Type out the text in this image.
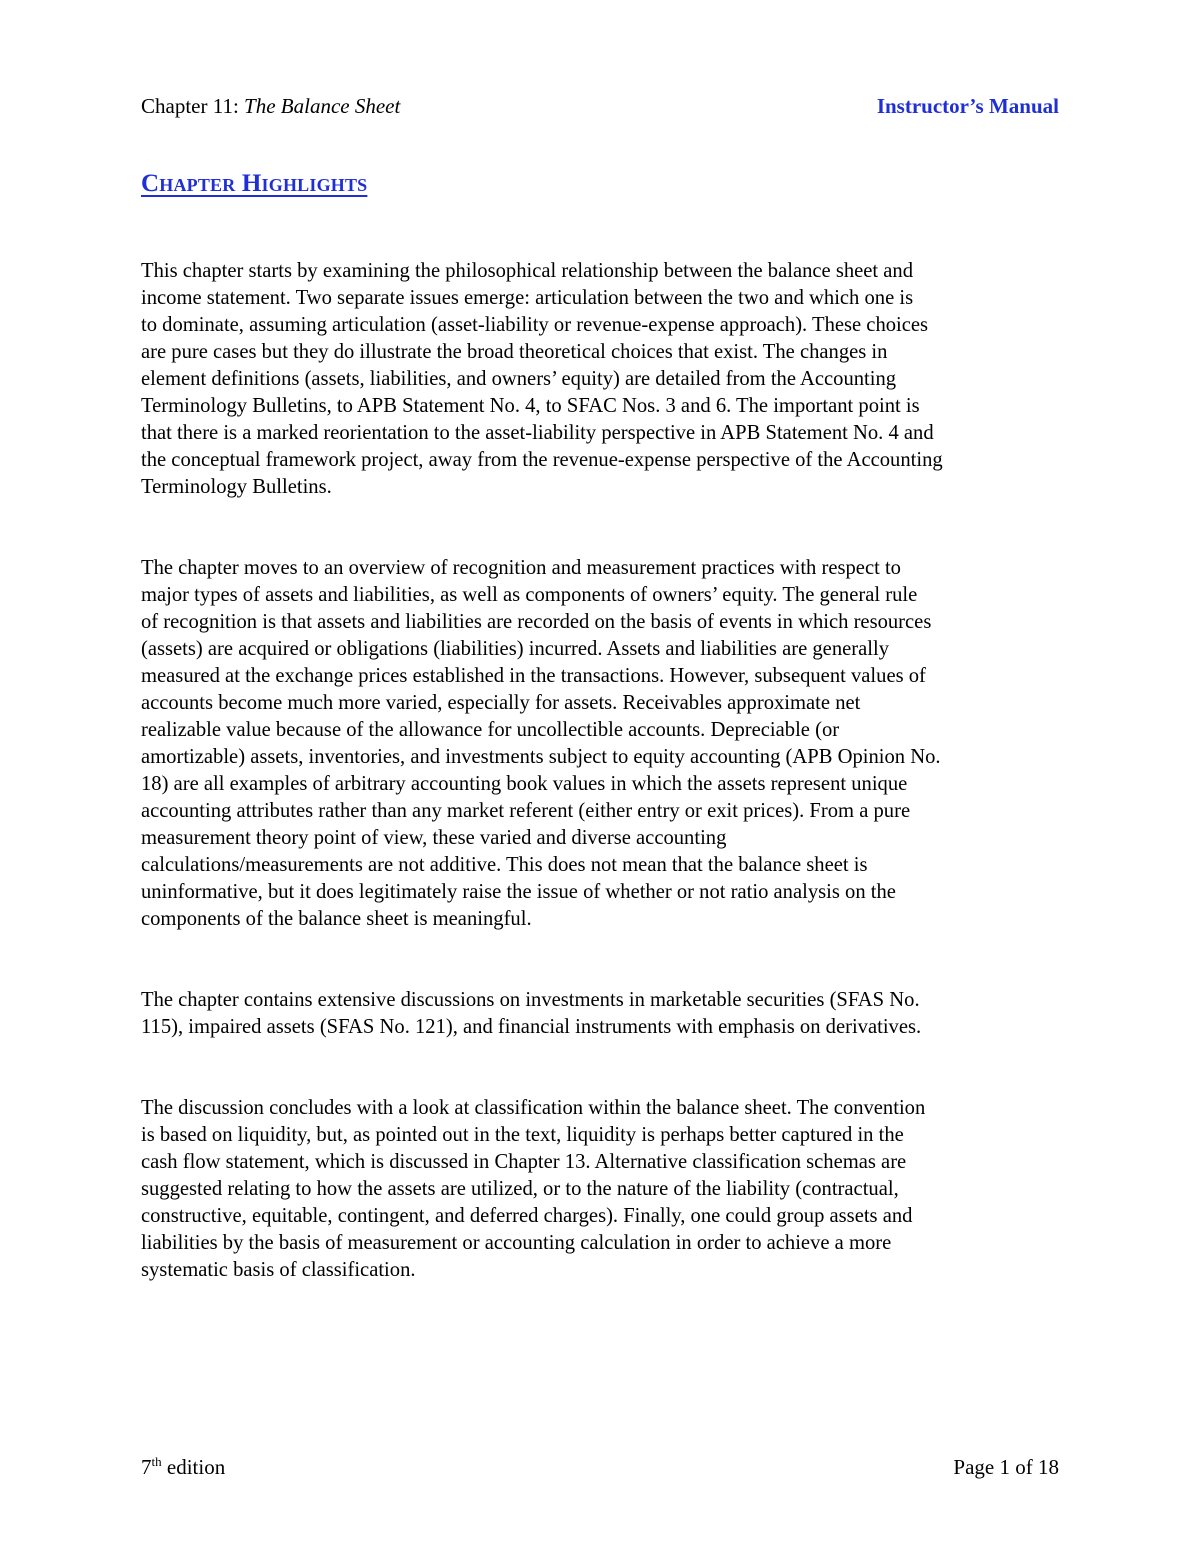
Chapter 11: The Balance Sheet	Instructor’s Manual
Chapter Highlights

This chapter starts by examining the philosophical relationship between the balance sheet and
income statement. Two separate issues emerge: articulation between the two and which one is
to dominate, assuming articulation (asset-liability or revenue-expense approach). These choices
are pure cases but they do illustrate the broad theoretical choices that exist. The changes in
element definitions (assets, liabilities, and owners’ equity) are detailed from the Accounting
Terminology Bulletins, to APB Statement No. 4, to SFAC Nos. 3 and 6. The important point is
that there is a marked reorientation to the asset-liability perspective in APB Statement No. 4 and
the conceptual framework project, away from the revenue-expense perspective of the Accounting
Terminology Bulletins.

The chapter moves to an overview of recognition and measurement practices with respect to
major types of assets and liabilities, as well as components of owners’ equity. The general rule
of recognition is that assets and liabilities are recorded on the basis of events in which resources
(assets) are acquired or obligations (liabilities) incurred. Assets and liabilities are generally
measured at the exchange prices established in the transactions. However, subsequent values of
accounts become much more varied, especially for assets. Receivables approximate net
realizable value because of the allowance for uncollectible accounts. Depreciable (or
amortizable) assets, inventories, and investments subject to equity accounting (APB Opinion No.
18) are all examples of arbitrary accounting book values in which the assets represent unique
accounting attributes rather than any market referent (either entry or exit prices). From a pure
measurement theory point of view, these varied and diverse accounting
calculations/measurements are not additive. This does not mean that the balance sheet is
uninformative, but it does legitimately raise the issue of whether or not ratio analysis on the
components of the balance sheet is meaningful.

The chapter contains extensive discussions on investments in marketable securities (SFAS No.
115), impaired assets (SFAS No. 121), and financial instruments with emphasis on derivatives.

The discussion concludes with a look at classification within the balance sheet. The convention
is based on liquidity, but, as pointed out in the text, liquidity is perhaps better captured in the
cash flow statement, which is discussed in Chapter 13. Alternative classification schemas are
suggested relating to how the assets are utilized, or to the nature of the liability (contractual,
constructive, equitable, contingent, and deferred charges). Finally, one could group assets and
liabilities by the basis of measurement or accounting calculation in order to achieve a more
systematic basis of classification.

7th edition	Page 1 of 18
